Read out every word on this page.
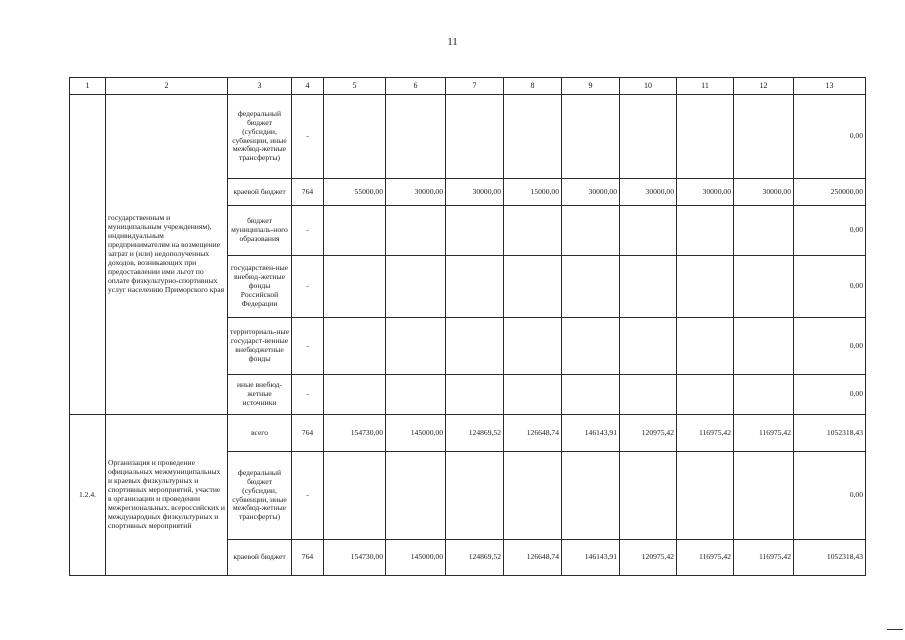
11
1	2	3	4	5	6	7	8	9	10	11	12	13
	государственным и муниципальным учреждениям), индивидуальным предпринимателям на возмещение затрат и (или) недополученных доходов, возникающих при предоставлении ими льгот по оплате физкультурно-спортивных услуг населению Приморского края	федеральный бюджет (субсидии, субвенции, иные межбюд-жетные трансферты)	-									0,00
		краевой бюджет	764	55000,00	30000,00	30000,00	15000,00	30000,00	30000,00	30000,00	30000,00	250000,00
		бюджет муниципаль-ного образования	-									0,00
		государствен-ные внебюд-жетные фонды Российской Федерации	-									0,00
		территориаль-ные государст-венные внебюджетные фонды	-									0,00
		иные внебюд-жетные источники	-									0,00
1.2.4.	Организация и проведение официальных межмуниципальных и краевых физкультурных и спортивных мероприятий, участие в организации и проведении межрегиональных, всероссийских и международных физкультурных и спортивных мероприятий	всего	764	154730,00	145000,00	124869,52	126648,74	146143,91	120975,42	116975,42	116975,42	1052318,43
		федеральный бюджет (субсидии, субвенции, иные межбюд-жетные трансферты)	-									0,00
		краевой бюджет	764	154730,00	145000,00	124869,52	126648,74	146143,91	120975,42	116975,42	116975,42	1052318,43
